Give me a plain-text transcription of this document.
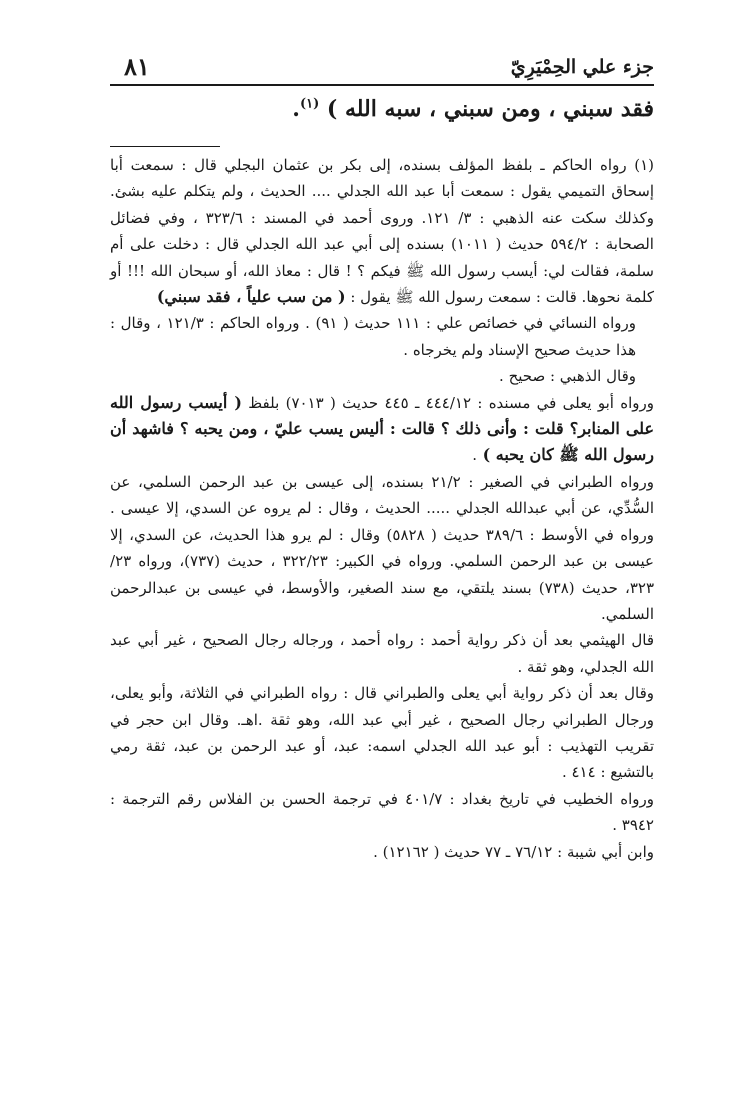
٨١	جزء علي الحِمْيَرِيّ
فقد سبني ، ومن سبني ، سبه الله ) $^{(١)}$.

(١) رواه الحاكم ـ بلفظ المؤلف بسنده، إلى بكر بن عثمان البجلي قال : سمعت أبا إسحاق التميمي يقول : سمعت أبا عبد الله الجدلي .... الحديث ، ولم يتكلم عليه بشئ. وكذلك سكت عنه الذهبي : ٣/ ١٢١. وروى أحمد في المسند : ٣٢٣/٦ ، وفي فضائل الصحابة : ٥٩٤/٢ حديث ( ١٠١١) بسنده إلى أبي عبد الله الجدلي قال : دخلت على أم سلمة، فقالت لي: أيسب رسول الله ﷺ فيكم ؟ ! قال : معاذ الله، أو سبحان الله !!! أو كلمة نحوها. قالت : سمعت رسول الله ﷺ يقول : ( من سب علياً ، فقد سبني)

ورواه النسائي في خصائص علي : ١١١ حديث ( ٩١) . ورواه الحاكم : ١٢١/٣ ، وقال : هذا حديث صحيح الإسناد ولم يخرجاه .

وقال الذهبي : صحيح .

ورواه أبو يعلى في مسنده : ٤٤٤/١٢ ـ ٤٤٥ حديث ( ٧٠١٣) بلفظ ( أيسب رسول الله على المنابر؟ قلت : وأنى ذلك ؟ قالت : أليس يسب عليّ ، ومن يحبه ؟ فاشهد أن رسول الله ﷺ كان يحبه ) .

ورواه الطبراني في الصغير : ٢١/٢ بسنده، إلى عيسى بن عبد الرحمن السلمي، عن السُّدِّي، عن أبي عبدالله الجدلي ..... الحديث ، وقال : لم يروه عن السدي، إلا عيسى . ورواه في الأوسط : ٣٨٩/٦ حديث ( ٥٨٢٨) وقال : لم يرو هذا الحديث، عن السدي، إلا عيسى بن عبد الرحمن السلمي. ورواه في الكبير: ٣٢٢/٢٣ ، حديث (٧٣٧)، ورواه ٢٣/ ٣٢٣، حديث (٧٣٨) بسند يلتقي، مع سند الصغير، والأوسط، في عيسى بن عبدالرحمن السلمي.

قال الهيثمي بعد أن ذكر رواية أحمد : رواه أحمد ، ورجاله رجال الصحيح ، غير أبي عبد الله الجدلي، وهو ثقة .

وقال بعد أن ذكر رواية أبي يعلى والطبراني قال : رواه الطبراني في الثلاثة، وأبو يعلى، ورجال الطبراني رجال الصحيح ، غير أبي عبد الله، وهو ثقة .اهـ. وقال ابن حجر في تقريب التهذيب : أبو عبد الله الجدلي اسمه: عبد، أو عبد الرحمن بن عبد، ثقة رمي بالتشيع : ٤١٤ .

ورواه الخطيب في تاريخ بغداد : ٤٠١/٧ في ترجمة الحسن بن الفلاس رقم الترجمة : ٣٩٤٢ .

وابن أبي شيبة : ٧٦/١٢ ـ ٧٧ حديث ( ١٢١٦٢) .
